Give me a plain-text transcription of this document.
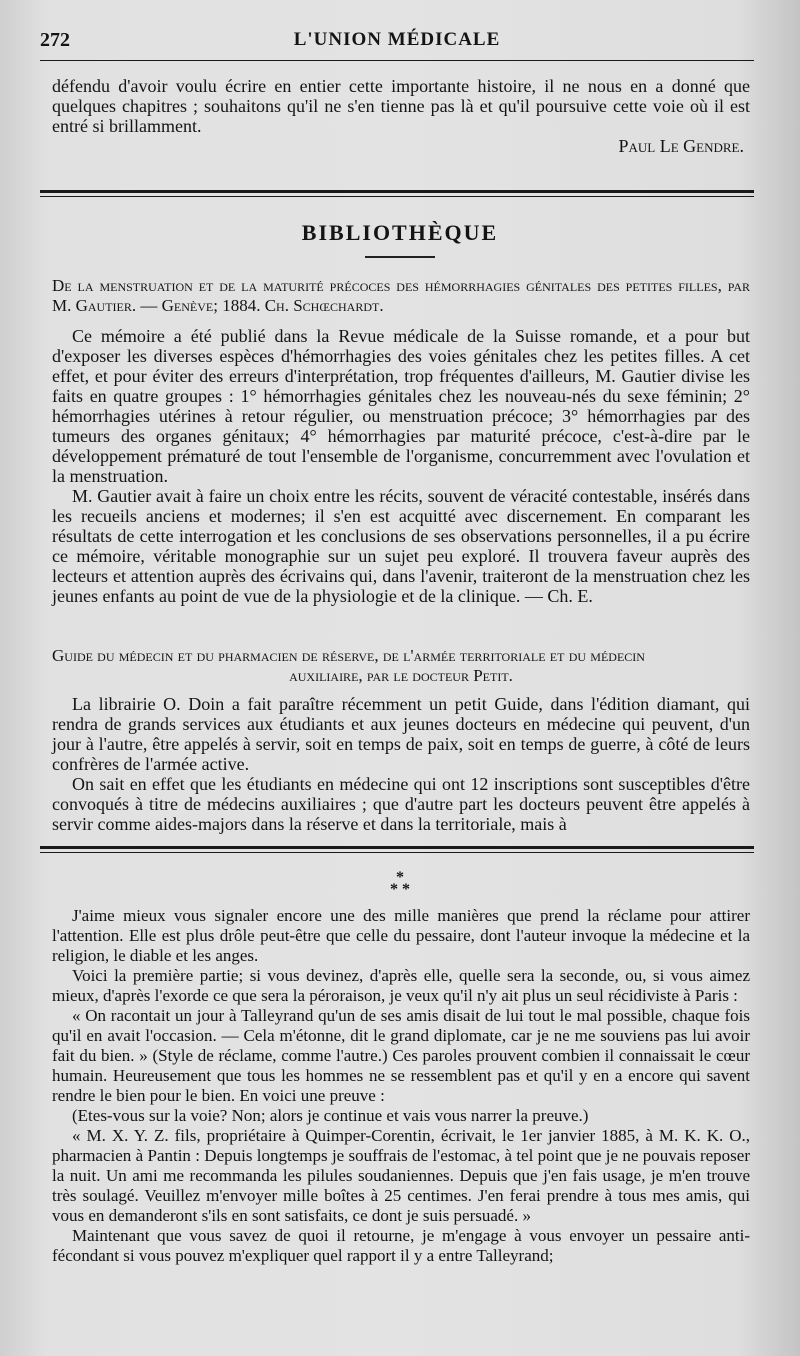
272	L'UNION MÉDICALE

défendu d'avoir voulu écrire en entier cette importante histoire, il ne nous en a donné que quelques chapitres ; souhaitons qu'il ne s'en tienne pas là et qu'il poursuive cette voie où il est entré si brillamment.

Paul Le Gendre.

BIBLIOTHÈQUE

De la menstruation et de la maturité précoces des hémorrhagies génitales des petites filles, par M. Gautier. — Genève; 1884. Ch. Schœchardt.

Ce mémoire a été publié dans la Revue médicale de la Suisse romande, et a pour but d'exposer les diverses espèces d'hémorrhagies des voies génitales chez les petites filles. A cet effet, et pour éviter des erreurs d'interprétation, trop fréquentes d'ailleurs, M. Gautier divise les faits en quatre groupes : 1° hémorrhagies génitales chez les nouveau-nés du sexe féminin; 2° hémorrhagies utérines à retour régulier, ou menstruation précoce; 3° hémorrhagies par des tumeurs des organes génitaux; 4° hémorrhagies par maturité précoce, c'est-à-dire par le développement prématuré de tout l'ensemble de l'organisme, concurremment avec l'ovulation et la menstruation.

M. Gautier avait à faire un choix entre les récits, souvent de véracité contestable, insérés dans les recueils anciens et modernes; il s'en est acquitté avec discernement. En comparant les résultats de cette interrogation et les conclusions de ses observations personnelles, il a pu écrire ce mémoire, véritable monographie sur un sujet peu exploré. Il trouvera faveur auprès des lecteurs et attention auprès des écrivains qui, dans l'avenir, traiteront de la menstruation chez les jeunes enfants au point de vue de la physiologie et de la clinique. — Ch. E.

Guide du médecin et du pharmacien de réserve, de l'armée territoriale et du médecin

auxiliaire, par le docteur Petit.

La librairie O. Doin a fait paraître récemment un petit Guide, dans l'édition diamant, qui rendra de grands services aux étudiants et aux jeunes docteurs en médecine qui peuvent, d'un jour à l'autre, être appelés à servir, soit en temps de paix, soit en temps de guerre, à côté de leurs confrères de l'armée active.

On sait en effet que les étudiants en médecine qui ont 12 inscriptions sont susceptibles d'être convoqués à titre de médecins auxiliaires ; que d'autre part les docteurs peuvent être appelés à servir comme aides-majors dans la réserve et dans la territoriale, mais à

*
* *

J'aime mieux vous signaler encore une des mille manières que prend la réclame pour attirer l'attention. Elle est plus drôle peut-être que celle du pessaire, dont l'auteur invoque la médecine et la religion, le diable et les anges.

Voici la première partie; si vous devinez, d'après elle, quelle sera la seconde, ou, si vous aimez mieux, d'après l'exorde ce que sera la péroraison, je veux qu'il n'y ait plus un seul récidiviste à Paris :

« On racontait un jour à Talleyrand qu'un de ses amis disait de lui tout le mal possible, chaque fois qu'il en avait l'occasion. — Cela m'étonne, dit le grand diplomate, car je ne me souviens pas lui avoir fait du bien. » (Style de réclame, comme l'autre.) Ces paroles prouvent combien il connaissait le cœur humain. Heureusement que tous les hommes ne se ressemblent pas et qu'il y en a encore qui savent rendre le bien pour le bien. En voici une preuve :

(Etes-vous sur la voie? Non; alors je continue et vais vous narrer la preuve.)

« M. X. Y. Z. fils, propriétaire à Quimper-Corentin, écrivait, le 1er janvier 1885, à M. K. K. O., pharmacien à Pantin : Depuis longtemps je souffrais de l'estomac, à tel point que je ne pouvais reposer la nuit. Un ami me recommanda les pilules soudaniennes. Depuis que j'en fais usage, je m'en trouve très soulagé. Veuillez m'envoyer mille boîtes à 25 centimes. J'en ferai prendre à tous mes amis, qui vous en demanderont s'ils en sont satisfaits, ce dont je suis persuadé. »

Maintenant que vous savez de quoi il retourne, je m'engage à vous envoyer un pessaire anti-fécondant si vous pouvez m'expliquer quel rapport il y a entre Talleyrand;
